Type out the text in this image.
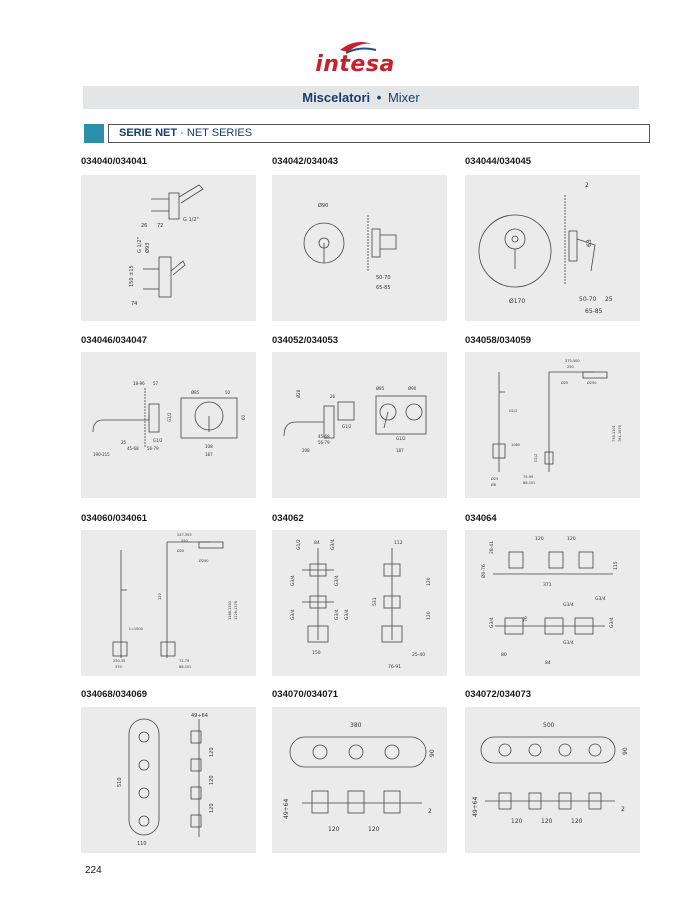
intesa
Miscelatori • Mixer
SERIE NET · NET SERIES
034040/034041	034042/034043	034044/034045
26 72
G 1/2"
G 1/2" Ø93
150 ±15
74
Ø90
50-70
65-85
2
63
Ø170	50-70 25
65-85
034046/034047	034052/034053	034058/034059
18-96 57
Ø85	50
60
G1/2
G1/2
45-68 56-79	108
187
190-215
25
Ø85	Ø90
Ø28	26
G1/2
208
56-79
45-68	G1/2
187
375-500
250
Ø25	Ø250
736-1101 781-1076
1080
G1/2
G1/2
75-95
86-101
Ø25
Ø8
034060/034061	034062	034064
347-353
550
Ø20
Ø250
120
1186-1301 1226-1376
L=1000
250-35
370
72-79
86-101
G1/2	84	G3/4	112
G3/4	G3/4
G3/4	G3/4
120
531
G3/4	120
150	25-40
76-91
28-41
120	120
Ø0-76
371
115
G3/4
G3/4
G3/4	76
G3/4
G3/4
84
80
034068/034069	034070/034071	034072/034073
49÷64
510
120
120
120
110
380
90
49÷64
120	120
2
500
90
49÷64
120	120	120
2
224
